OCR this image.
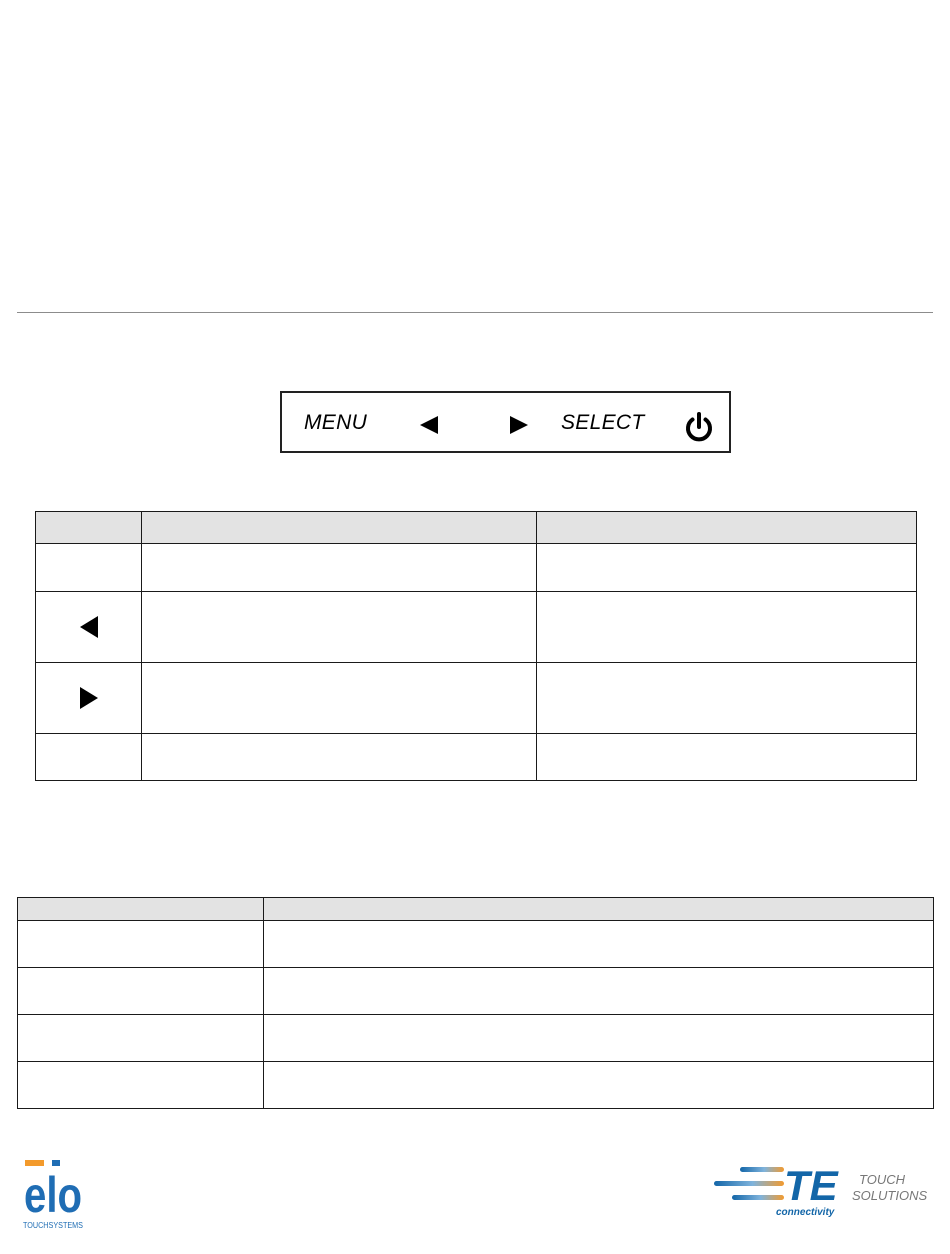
MENU	SELECT

elo
TOUCHSYSTEMS
TE
connectivity
TOUCH
SOLUTIONS
